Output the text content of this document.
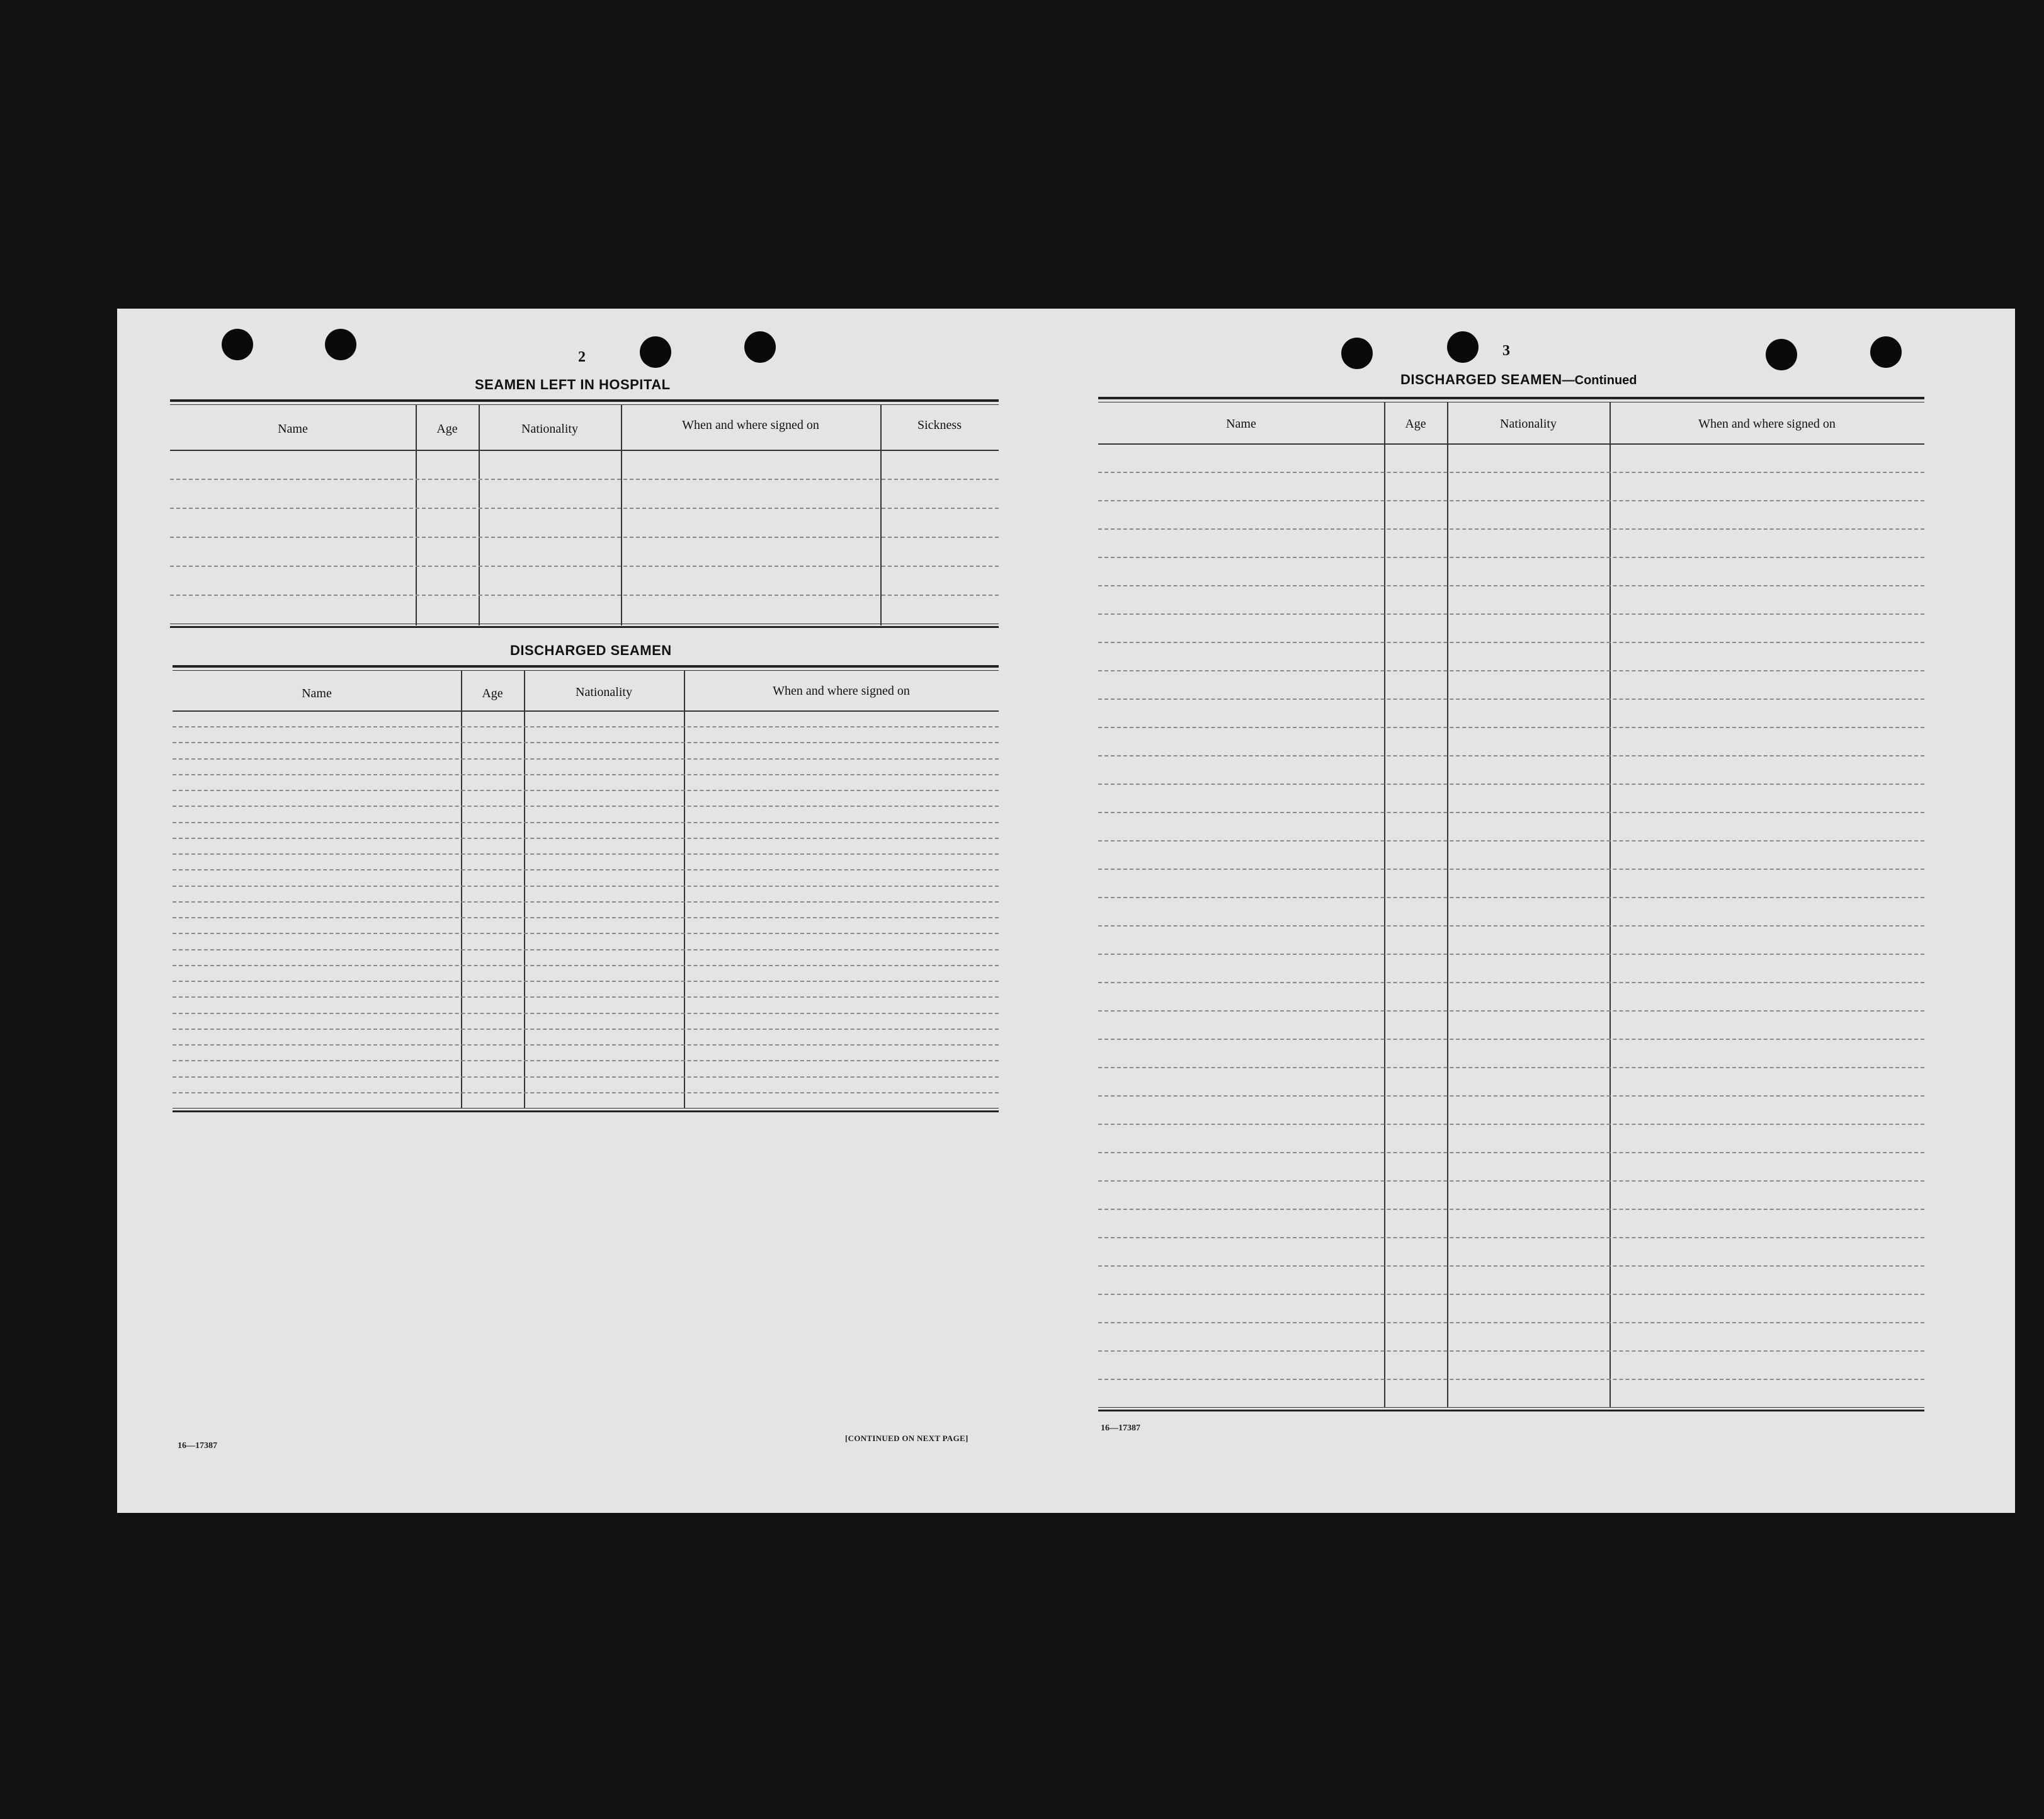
2
SEAMEN LEFT IN HOSPITAL
Name	Age	Nationality	When and where signed on	Sickness
DISCHARGED SEAMEN
Name	Age	Nationality	When and where signed on
16—17387
[CONTINUED ON NEXT PAGE]
3
DISCHARGED SEAMEN—Continued
Name	Age	Nationality	When and where signed on
16—17387
